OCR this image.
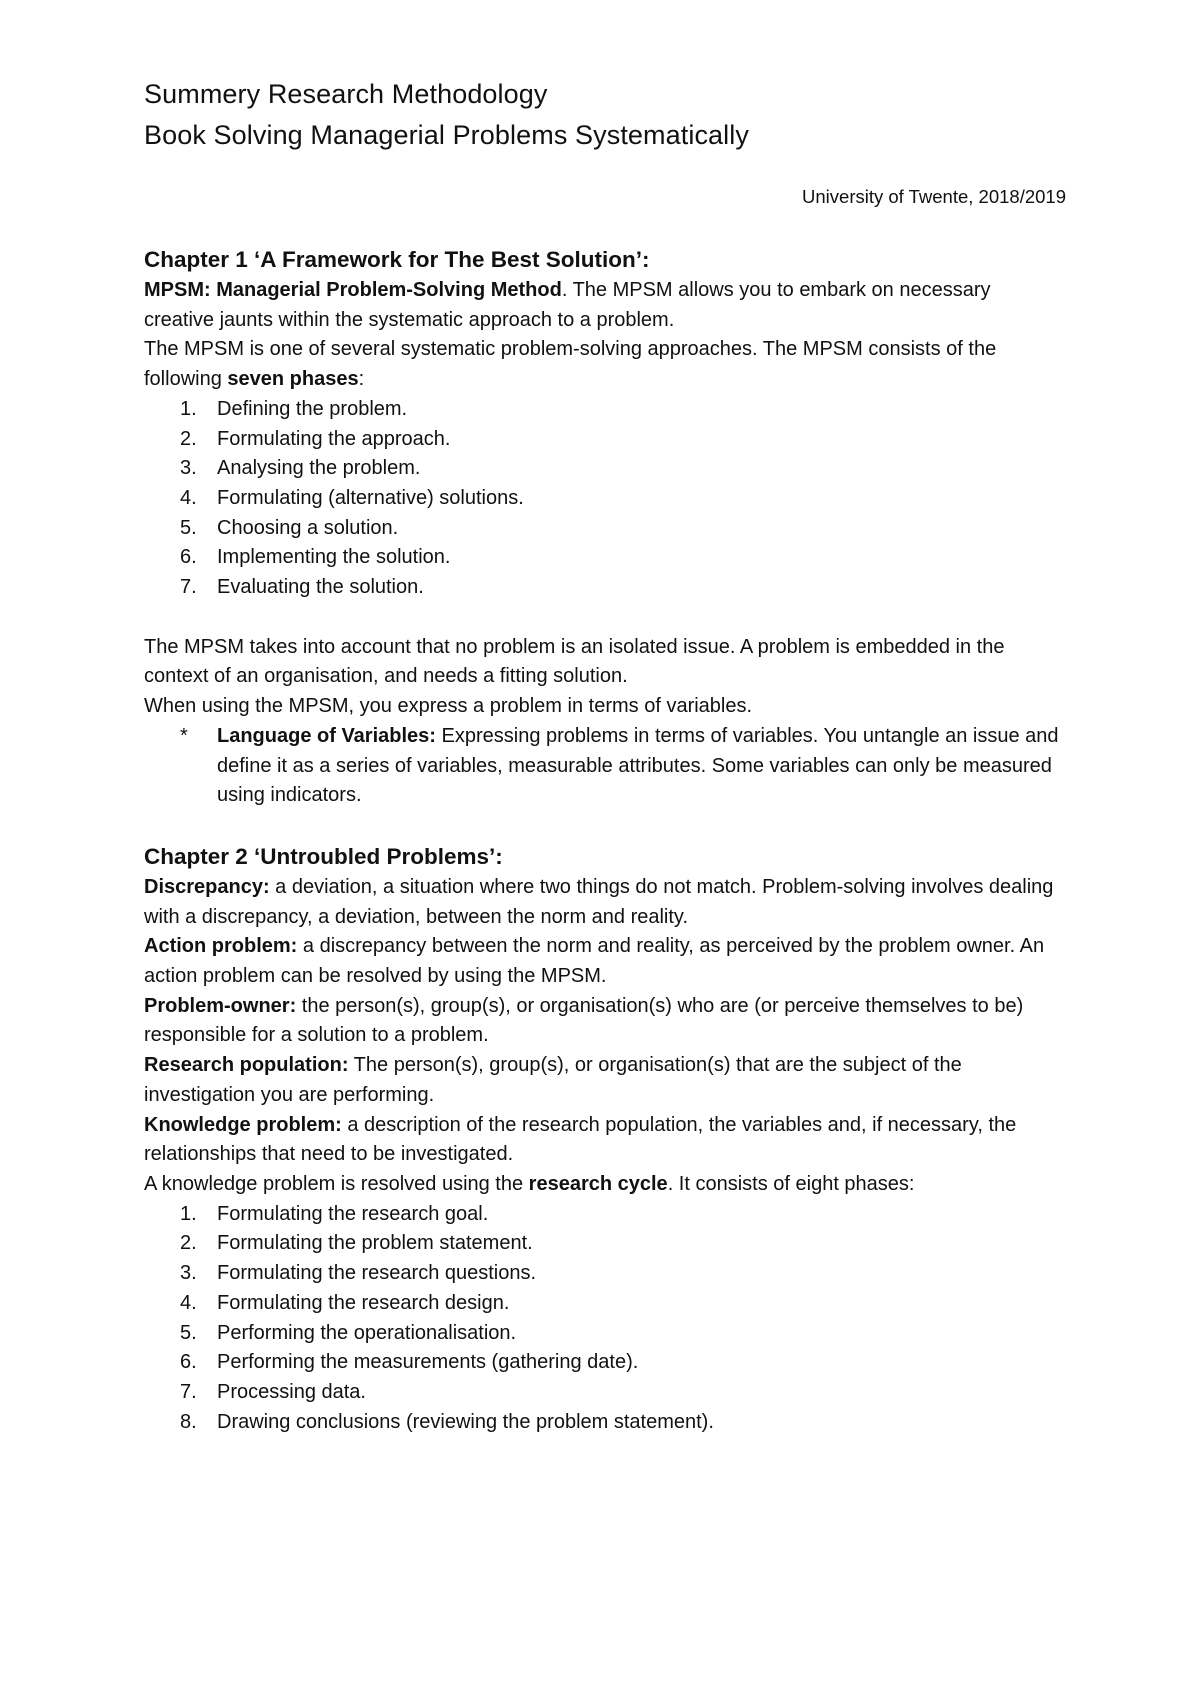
Summery Research Methodology

Book Solving Managerial Problems Systematically

University of Twente, 2018/2019
Chapter 1 ‘A Framework for The Best Solution’:

MPSM: Managerial Problem-Solving Method. The MPSM allows you to embark on necessary creative jaunts within the systematic approach to a problem.

The MPSM is one of several systematic problem-solving approaches. The MPSM consists of the following seven phases:

1. Defining the problem.
2. Formulating the approach.
3. Analysing the problem.
4. Formulating (alternative) solutions.
5. Choosing a solution.
6. Implementing the solution.
7. Evaluating the solution.

The MPSM takes into account that no problem is an isolated issue. A problem is embedded in the context of an organisation, and needs a fitting solution.

When using the MPSM, you express a problem in terms of variables.

* Language of Variables: Expressing problems in terms of variables. You untangle an issue and define it as a series of variables, measurable attributes. Some variables can only be measured using indicators.

Chapter 2 ‘Untroubled Problems’:

Discrepancy: a deviation, a situation where two things do not match. Problem-solving involves dealing with a discrepancy, a deviation, between the norm and reality.

Action problem: a discrepancy between the norm and reality, as perceived by the problem owner. An action problem can be resolved by using the MPSM.

Problem-owner: the person(s), group(s), or organisation(s) who are (or perceive themselves to be) responsible for a solution to a problem.

Research population: The person(s), group(s), or organisation(s) that are the subject of the investigation you are performing.

Knowledge problem: a description of the research population, the variables and, if necessary, the relationships that need to be investigated.

A knowledge problem is resolved using the research cycle. It consists of eight phases:

1. Formulating the research goal.
2. Formulating the problem statement.
3. Formulating the research questions.
4. Formulating the research design.
5. Performing the operationalisation.
6. Performing the measurements (gathering date).
7. Processing data.
8. Drawing conclusions (reviewing the problem statement).
